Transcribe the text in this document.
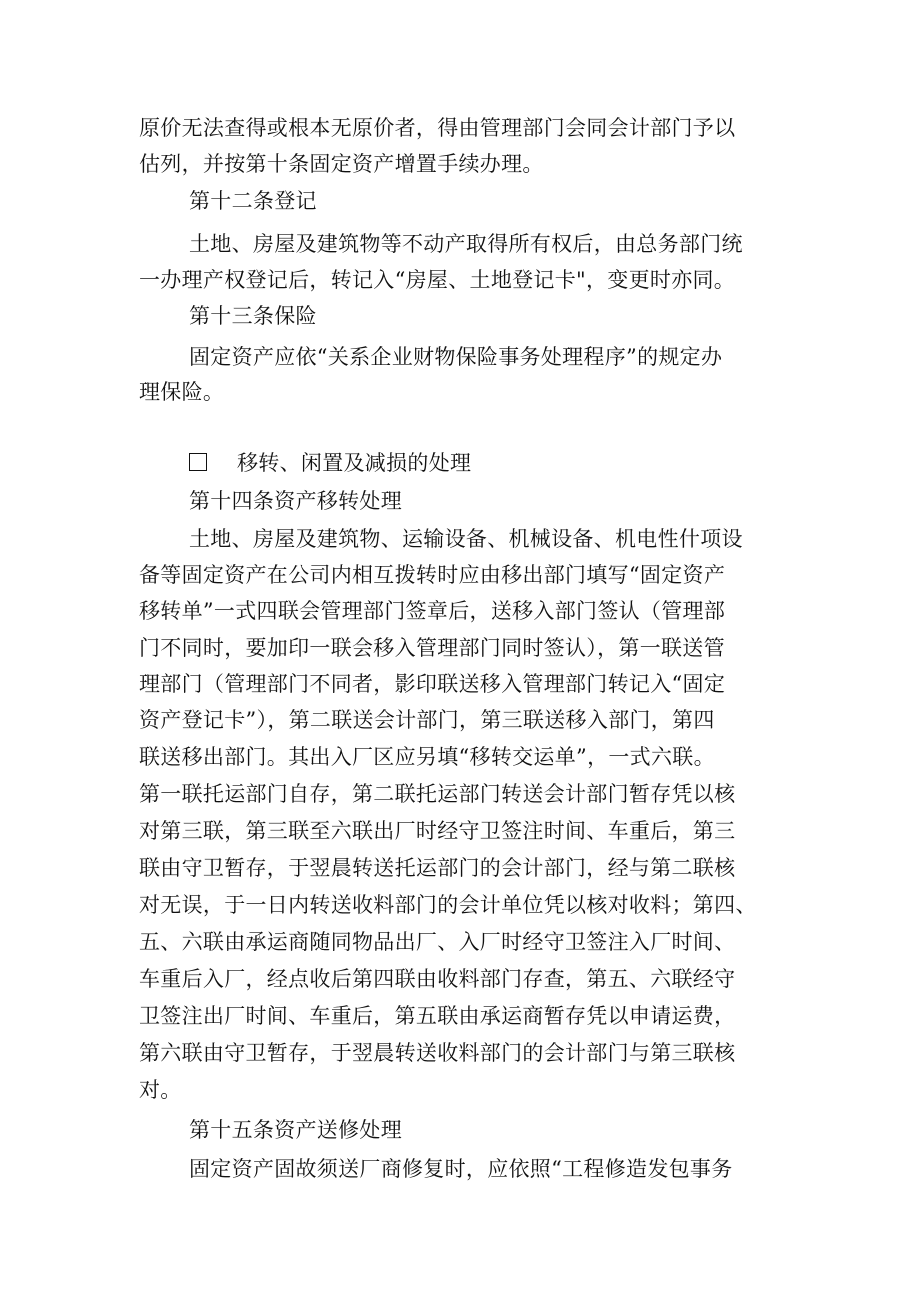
原价无法查得或根本无原价者，得由管理部门会同会计部门予以
估列，并按第十条固定资产增置手续办理。
第十二条登记
土地、房屋及建筑物等不动产取得所有权后，由总务部门统
一办理产权登记后，转记入“房屋、土地登记卡"，变更时亦同。
第十三条保险
固定资产应依“关系企业财物保险事务处理程序”的规定办
理保险。
移转、闲置及减损的处理
第十四条资产移转处理
土地、房屋及建筑物、运输设备、机械设备、机电性什项设
备等固定资产在公司内相互拨转时应由移出部门填写“固定资产
移转单”一式四联会管理部门签章后，送移入部门签认（管理部
门不同时，要加印一联会移入管理部门同时签认），第一联送管
理部门（管理部门不同者，影印联送移入管理部门转记入“固定
资产登记卡”），第二联送会计部门，第三联送移入部门，第四
联送移出部门。其出入厂区应另填“移转交运单”，一式六联。
第一联托运部门自存，第二联托运部门转送会计部门暂存凭以核
对第三联，第三联至六联出厂时经守卫签注时间、车重后，第三
联由守卫暂存，于翌晨转送托运部门的会计部门，经与第二联核
对无误，于一日内转送收料部门的会计单位凭以核对收料；第四、
五、六联由承运商随同物品出厂、入厂时经守卫签注入厂时间、
车重后入厂，经点收后第四联由收料部门存查，第五、六联经守
卫签注出厂时间、车重后，第五联由承运商暂存凭以申请运费，
第六联由守卫暂存，于翌晨转送收料部门的会计部门与第三联核
对。
第十五条资产送修处理
固定资产固故须送厂商修复时，应依照“工程修造发包事务
